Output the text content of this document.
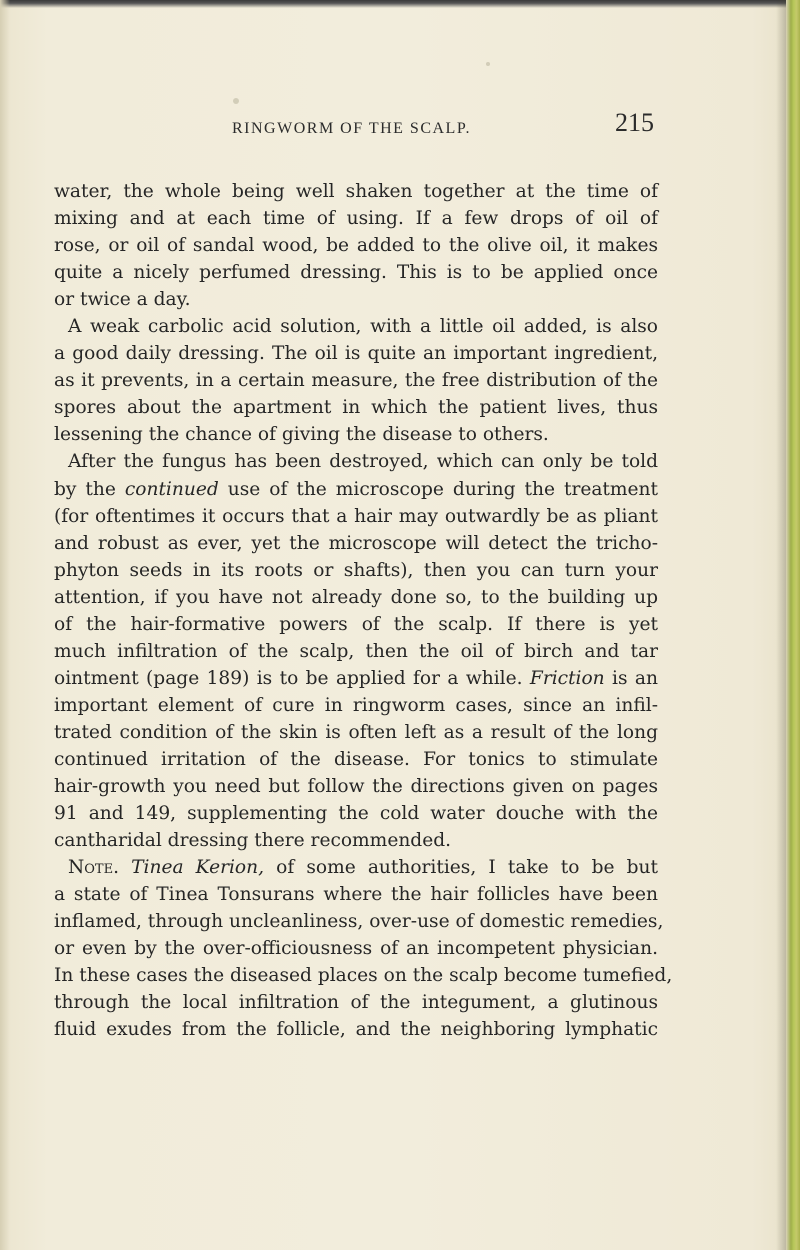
RINGWORM OF THE SCALP.	215
water, the whole being well shaken together at the time of
mixing and at each time of using. If a few drops of oil of
rose, or oil of sandal wood, be added to the olive oil, it makes
quite a nicely perfumed dressing. This is to be applied once
or twice a day.
A weak carbolic acid solution, with a little oil added, is also
a good daily dressing. The oil is quite an important ingredient,
as it prevents, in a certain measure, the free distribution of the
spores about the apartment in which the patient lives, thus
lessening the chance of giving the disease to others.
After the fungus has been destroyed, which can only be told
by the continued use of the microscope during the treatment
(for oftentimes it occurs that a hair may outwardly be as pliant
and robust as ever, yet the microscope will detect the tricho-
phyton seeds in its roots or shafts), then you can turn your
attention, if you have not already done so, to the building up
of the hair-formative powers of the scalp. If there is yet
much infiltration of the scalp, then the oil of birch and tar
ointment (page 189) is to be applied for a while. Friction is an
important element of cure in ringworm cases, since an infil-
trated condition of the skin is often left as a result of the long
continued irritation of the disease. For tonics to stimulate
hair-growth you need but follow the directions given on pages
91 and 149, supplementing the cold water douche with the
cantharidal dressing there recommended.
Note. Tinea Kerion, of some authorities, I take to be but
a state of Tinea Tonsurans where the hair follicles have been
inflamed, through uncleanliness, over-use of domestic remedies,
or even by the over-officiousness of an incompetent physician.
In these cases the diseased places on the scalp become tumefied,
through the local infiltration of the integument, a glutinous
fluid exudes from the follicle, and the neighboring lymphatic
